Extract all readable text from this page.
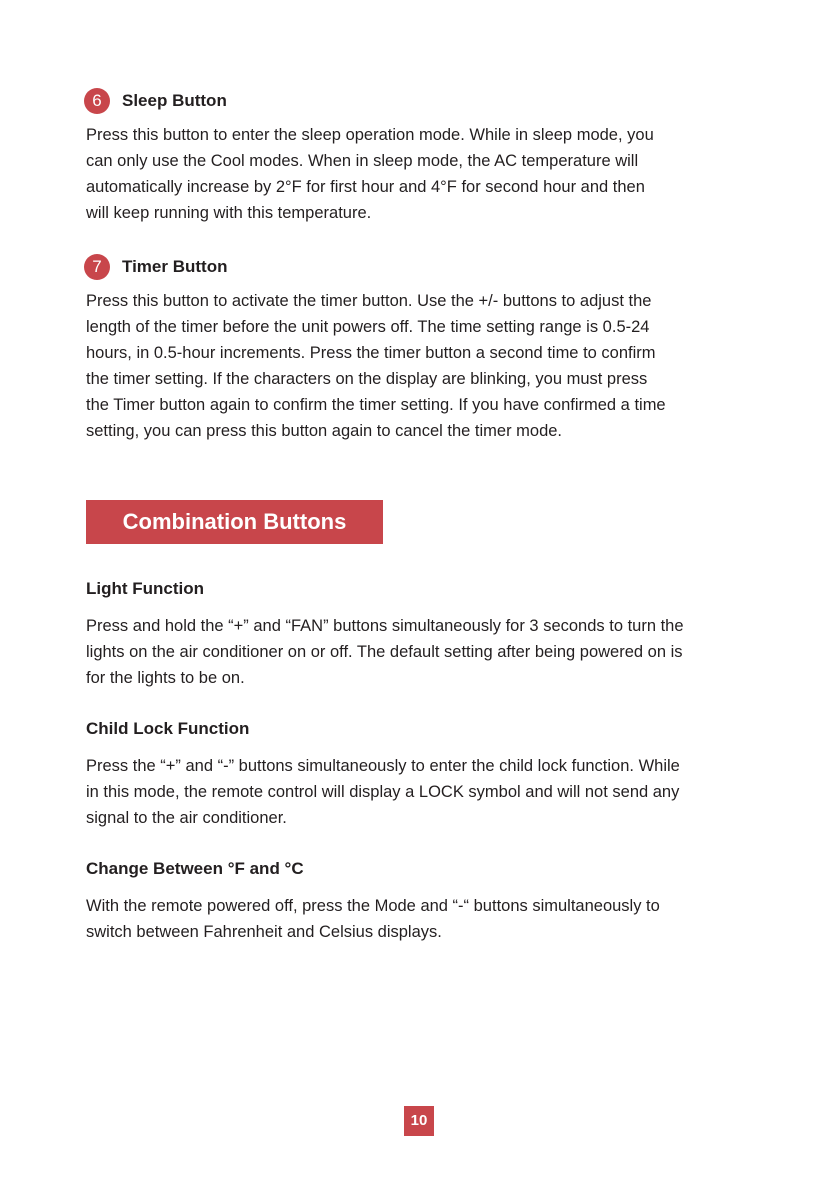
6	Sleep Button

Press this button to enter the sleep operation mode. While in sleep mode, you
can only use the Cool modes. When in sleep mode, the AC temperature will
automatically increase by 2°F for first hour and 4°F for second hour and then
will keep running with this temperature.

7	Timer Button

Press this button to activate the timer button. Use the +/- buttons to adjust the
length of the timer before the unit powers off. The time setting range is 0.5-24
hours, in 0.5-hour increments. Press the timer button a second time to confirm
the timer setting. If the characters on the display are blinking, you must press
the Timer button again to confirm the timer setting. If you have confirmed a time
setting, you can press this button again to cancel the timer mode.

Combination Buttons
Light Function

Press and hold the “+” and “FAN” buttons simultaneously for 3 seconds to turn the
lights on the air conditioner on or off. The default setting after being powered on is
for the lights to be on.

Child Lock Function

Press the “+” and “-” buttons simultaneously to enter the child lock function. While
in this mode, the remote control will display a LOCK symbol and will not send any
signal to the air conditioner.

Change Between °F and °C

With the remote powered off, press the Mode and “-“ buttons simultaneously to
switch between Fahrenheit and Celsius displays.

10
